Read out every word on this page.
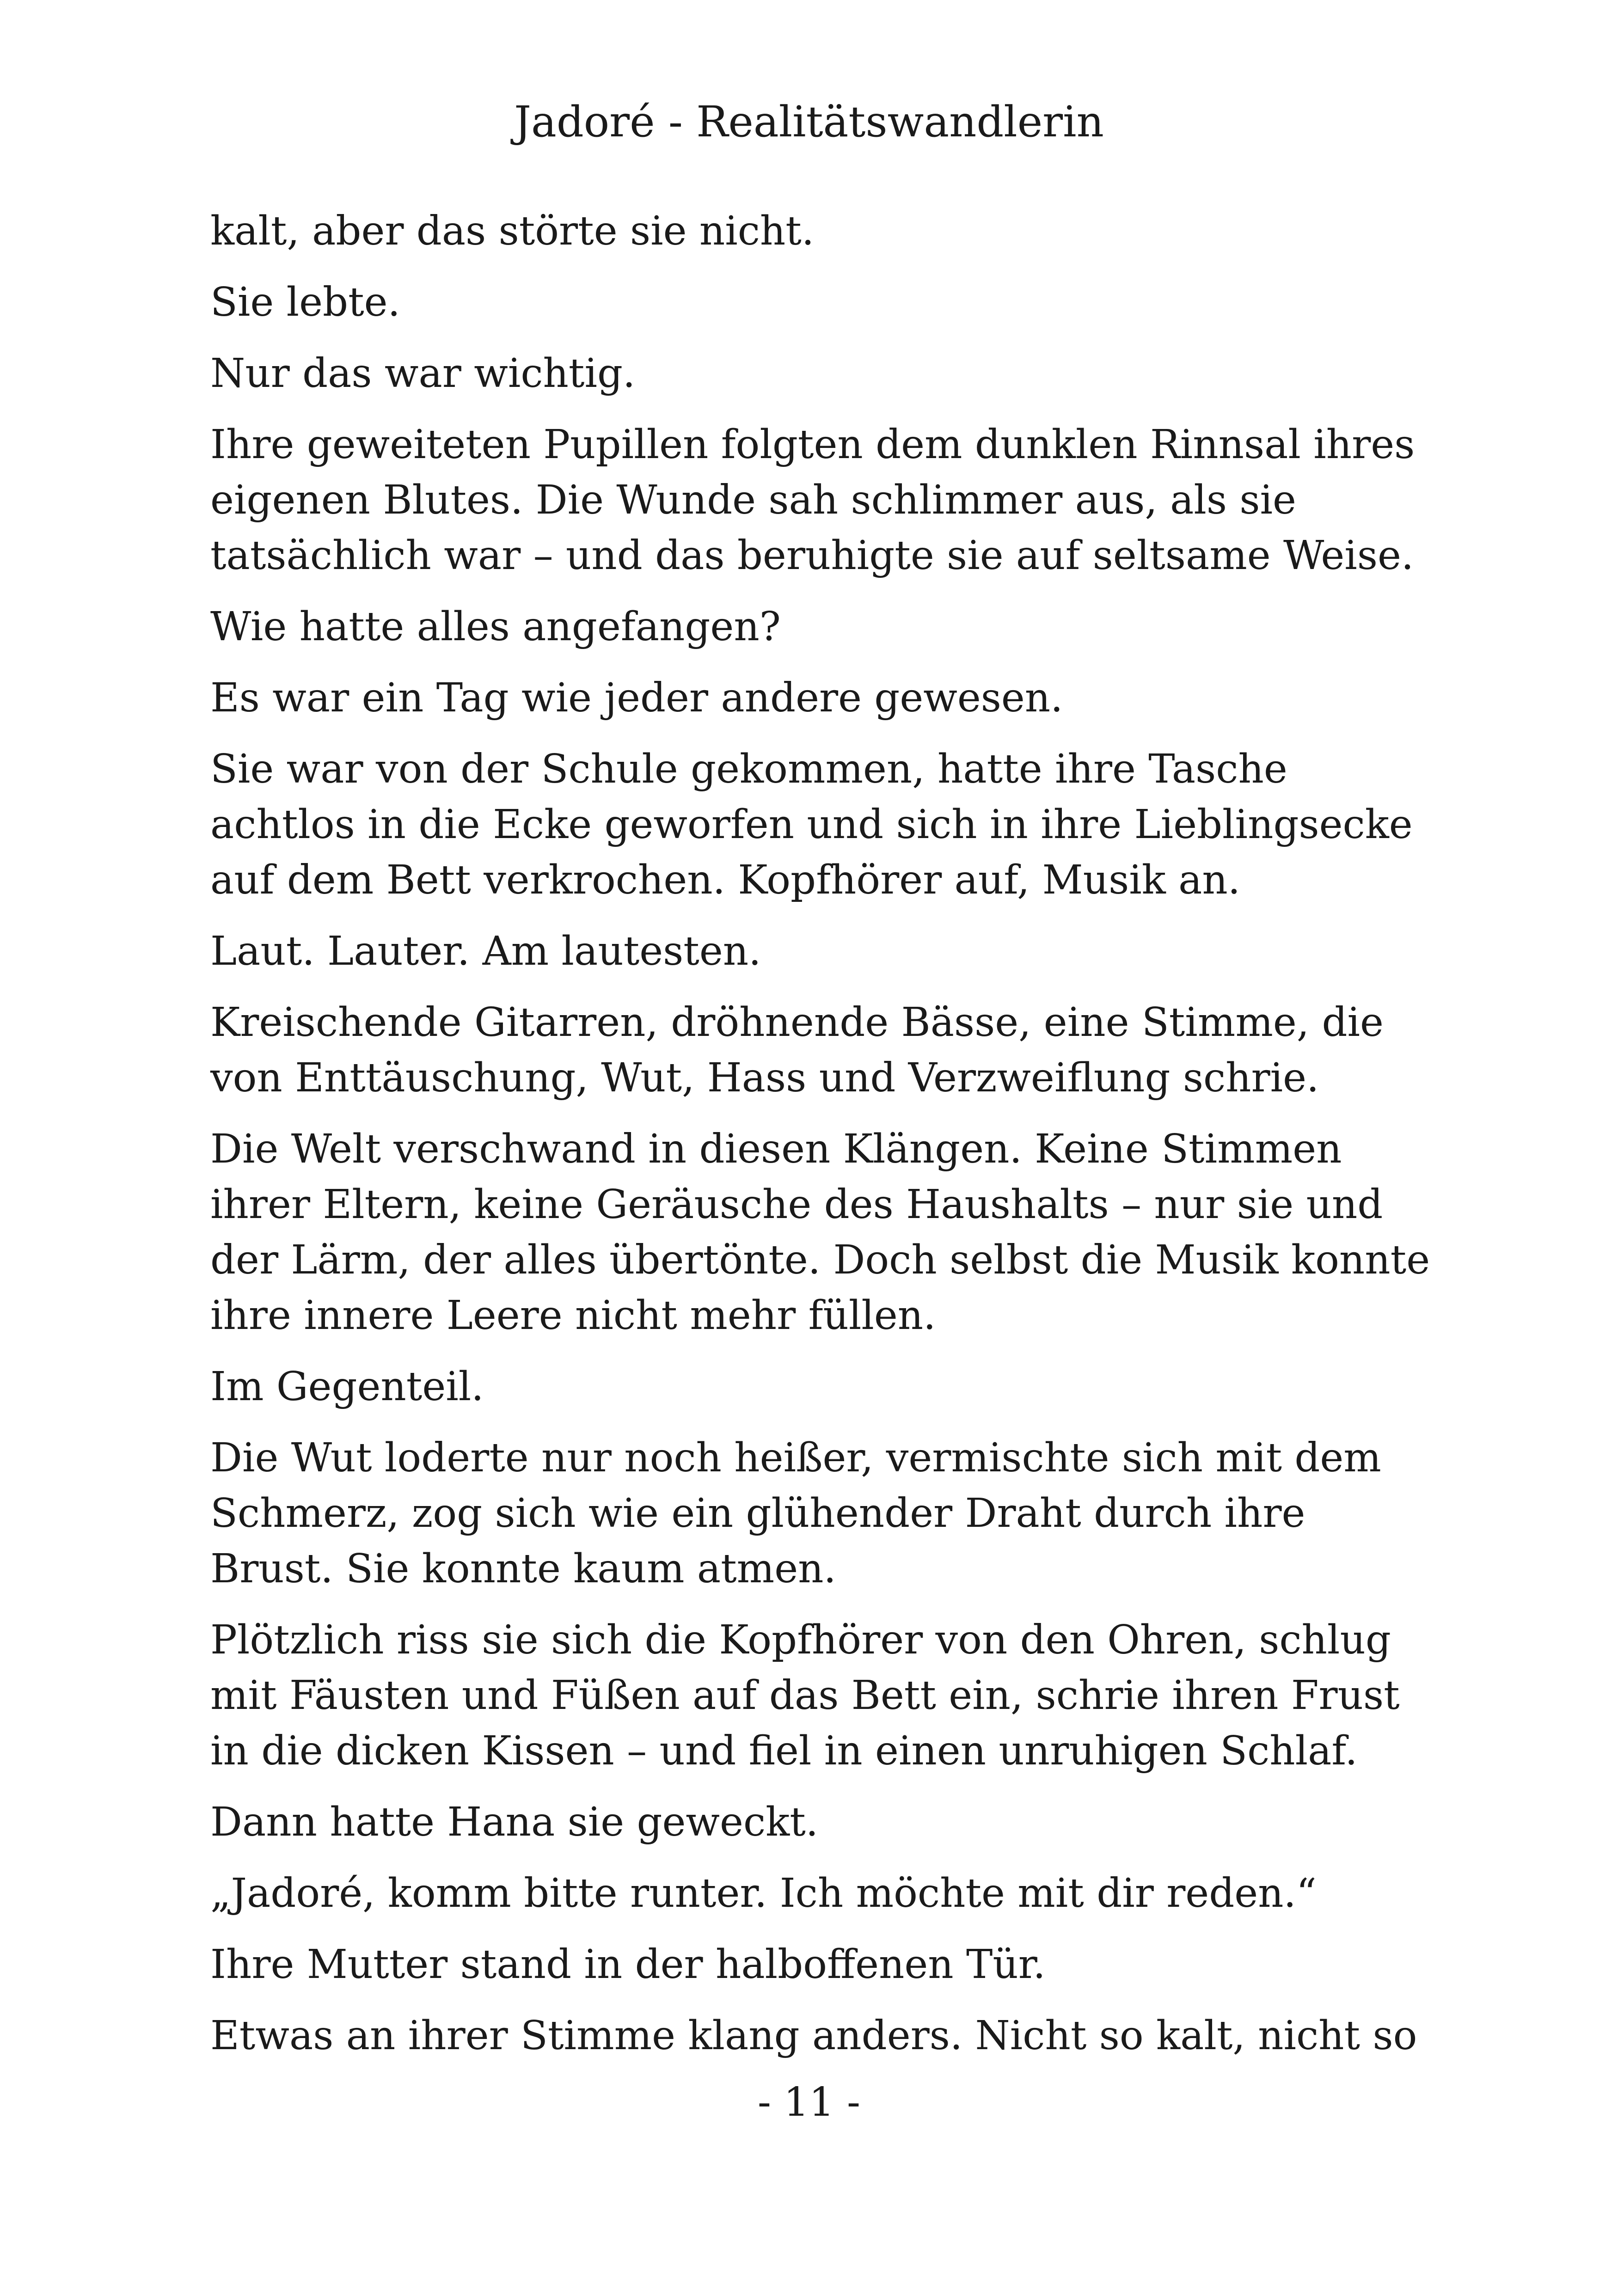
Jadoré - Realitätswandlerin

kalt, aber das störte sie nicht.

Sie lebte.

Nur das war wichtig.

Ihre geweiteten Pupillen folgten dem dunklen Rinnsal ihres eigenen Blutes. Die Wunde sah schlimmer aus, als sie tatsächlich war – und das beruhigte sie auf seltsame Weise.

Wie hatte alles angefangen?

Es war ein Tag wie jeder andere gewesen.

Sie war von der Schule gekommen, hatte ihre Tasche achtlos in die Ecke geworfen und sich in ihre Lieblingsecke auf dem Bett verkrochen. Kopfhörer auf, Musik an.

Laut. Lauter. Am lautesten.

Kreischende Gitarren, dröhnende Bässe, eine Stimme, die von Enttäuschung, Wut, Hass und Verzweiflung schrie.

Die Welt verschwand in diesen Klängen. Keine Stimmen ihrer Eltern, keine Geräusche des Haushalts – nur sie und der Lärm, der alles übertönte. Doch selbst die Musik konnte ihre innere Leere nicht mehr füllen.

Im Gegenteil.

Die Wut loderte nur noch heißer, vermischte sich mit dem Schmerz, zog sich wie ein glühender Draht durch ihre Brust. Sie konnte kaum atmen.

Plötzlich riss sie sich die Kopfhörer von den Ohren, schlug mit Fäusten und Füßen auf das Bett ein, schrie ihren Frust in die dicken Kissen – und fiel in einen unruhigen Schlaf.

Dann hatte Hana sie geweckt.

„Jadoré, komm bitte runter. Ich möchte mit dir reden.“

Ihre Mutter stand in der halboffenen Tür.

Etwas an ihrer Stimme klang anders. Nicht so kalt, nicht so

- 11 -
